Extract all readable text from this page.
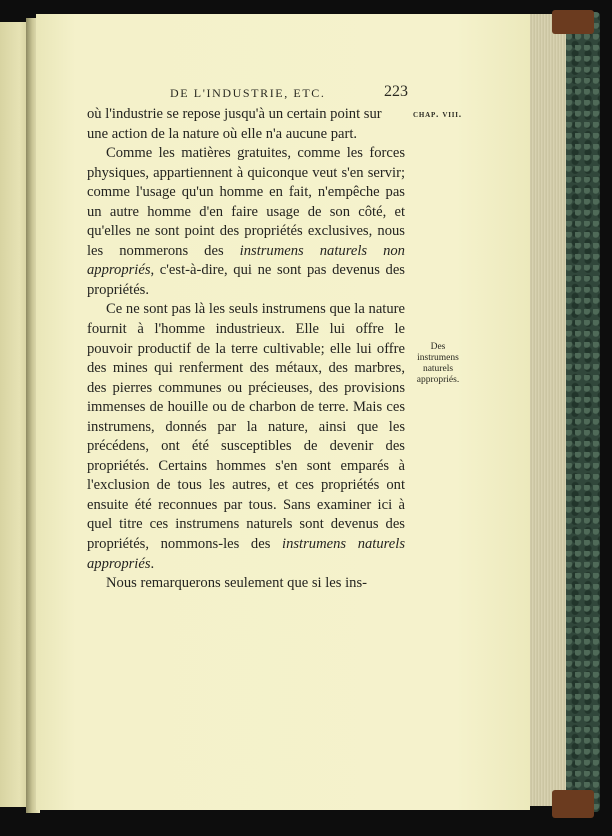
DE L'INDUSTRIE, ETC.	223
chap. viii.
Des
instrumens
naturels
appropriés.

où l'industrie se repose jusqu'à un certain point sur une action de la nature où elle n'a aucune part.

Comme les matières gratuites, comme les forces physiques, appartiennent à quiconque veut s'en servir; comme l'usage qu'un homme en fait, n'empêche pas un autre homme d'en faire usage de son côté, et qu'elles ne sont point des propriétés exclusives, nous les nommerons des instrumens naturels non appropriés, c'est-à-dire, qui ne sont pas devenus des propriétés.

Ce ne sont pas là les seuls instrumens que la nature fournit à l'homme industrieux. Elle lui offre le pouvoir productif de la terre cultivable; elle lui offre des mines qui renferment des métaux, des marbres, des pierres communes ou précieuses, des provisions immenses de houille ou de charbon de terre. Mais ces instrumens, donnés par la nature, ainsi que les précédens, ont été susceptibles de devenir des propriétés. Certains hommes s'en sont emparés à l'exclusion de tous les autres, et ces propriétés ont ensuite été reconnues par tous. Sans examiner ici à quel titre ces instrumens naturels sont devenus des propriétés, nommons-les des instrumens naturels appropriés.

Nous remarquerons seulement que si les ins-
